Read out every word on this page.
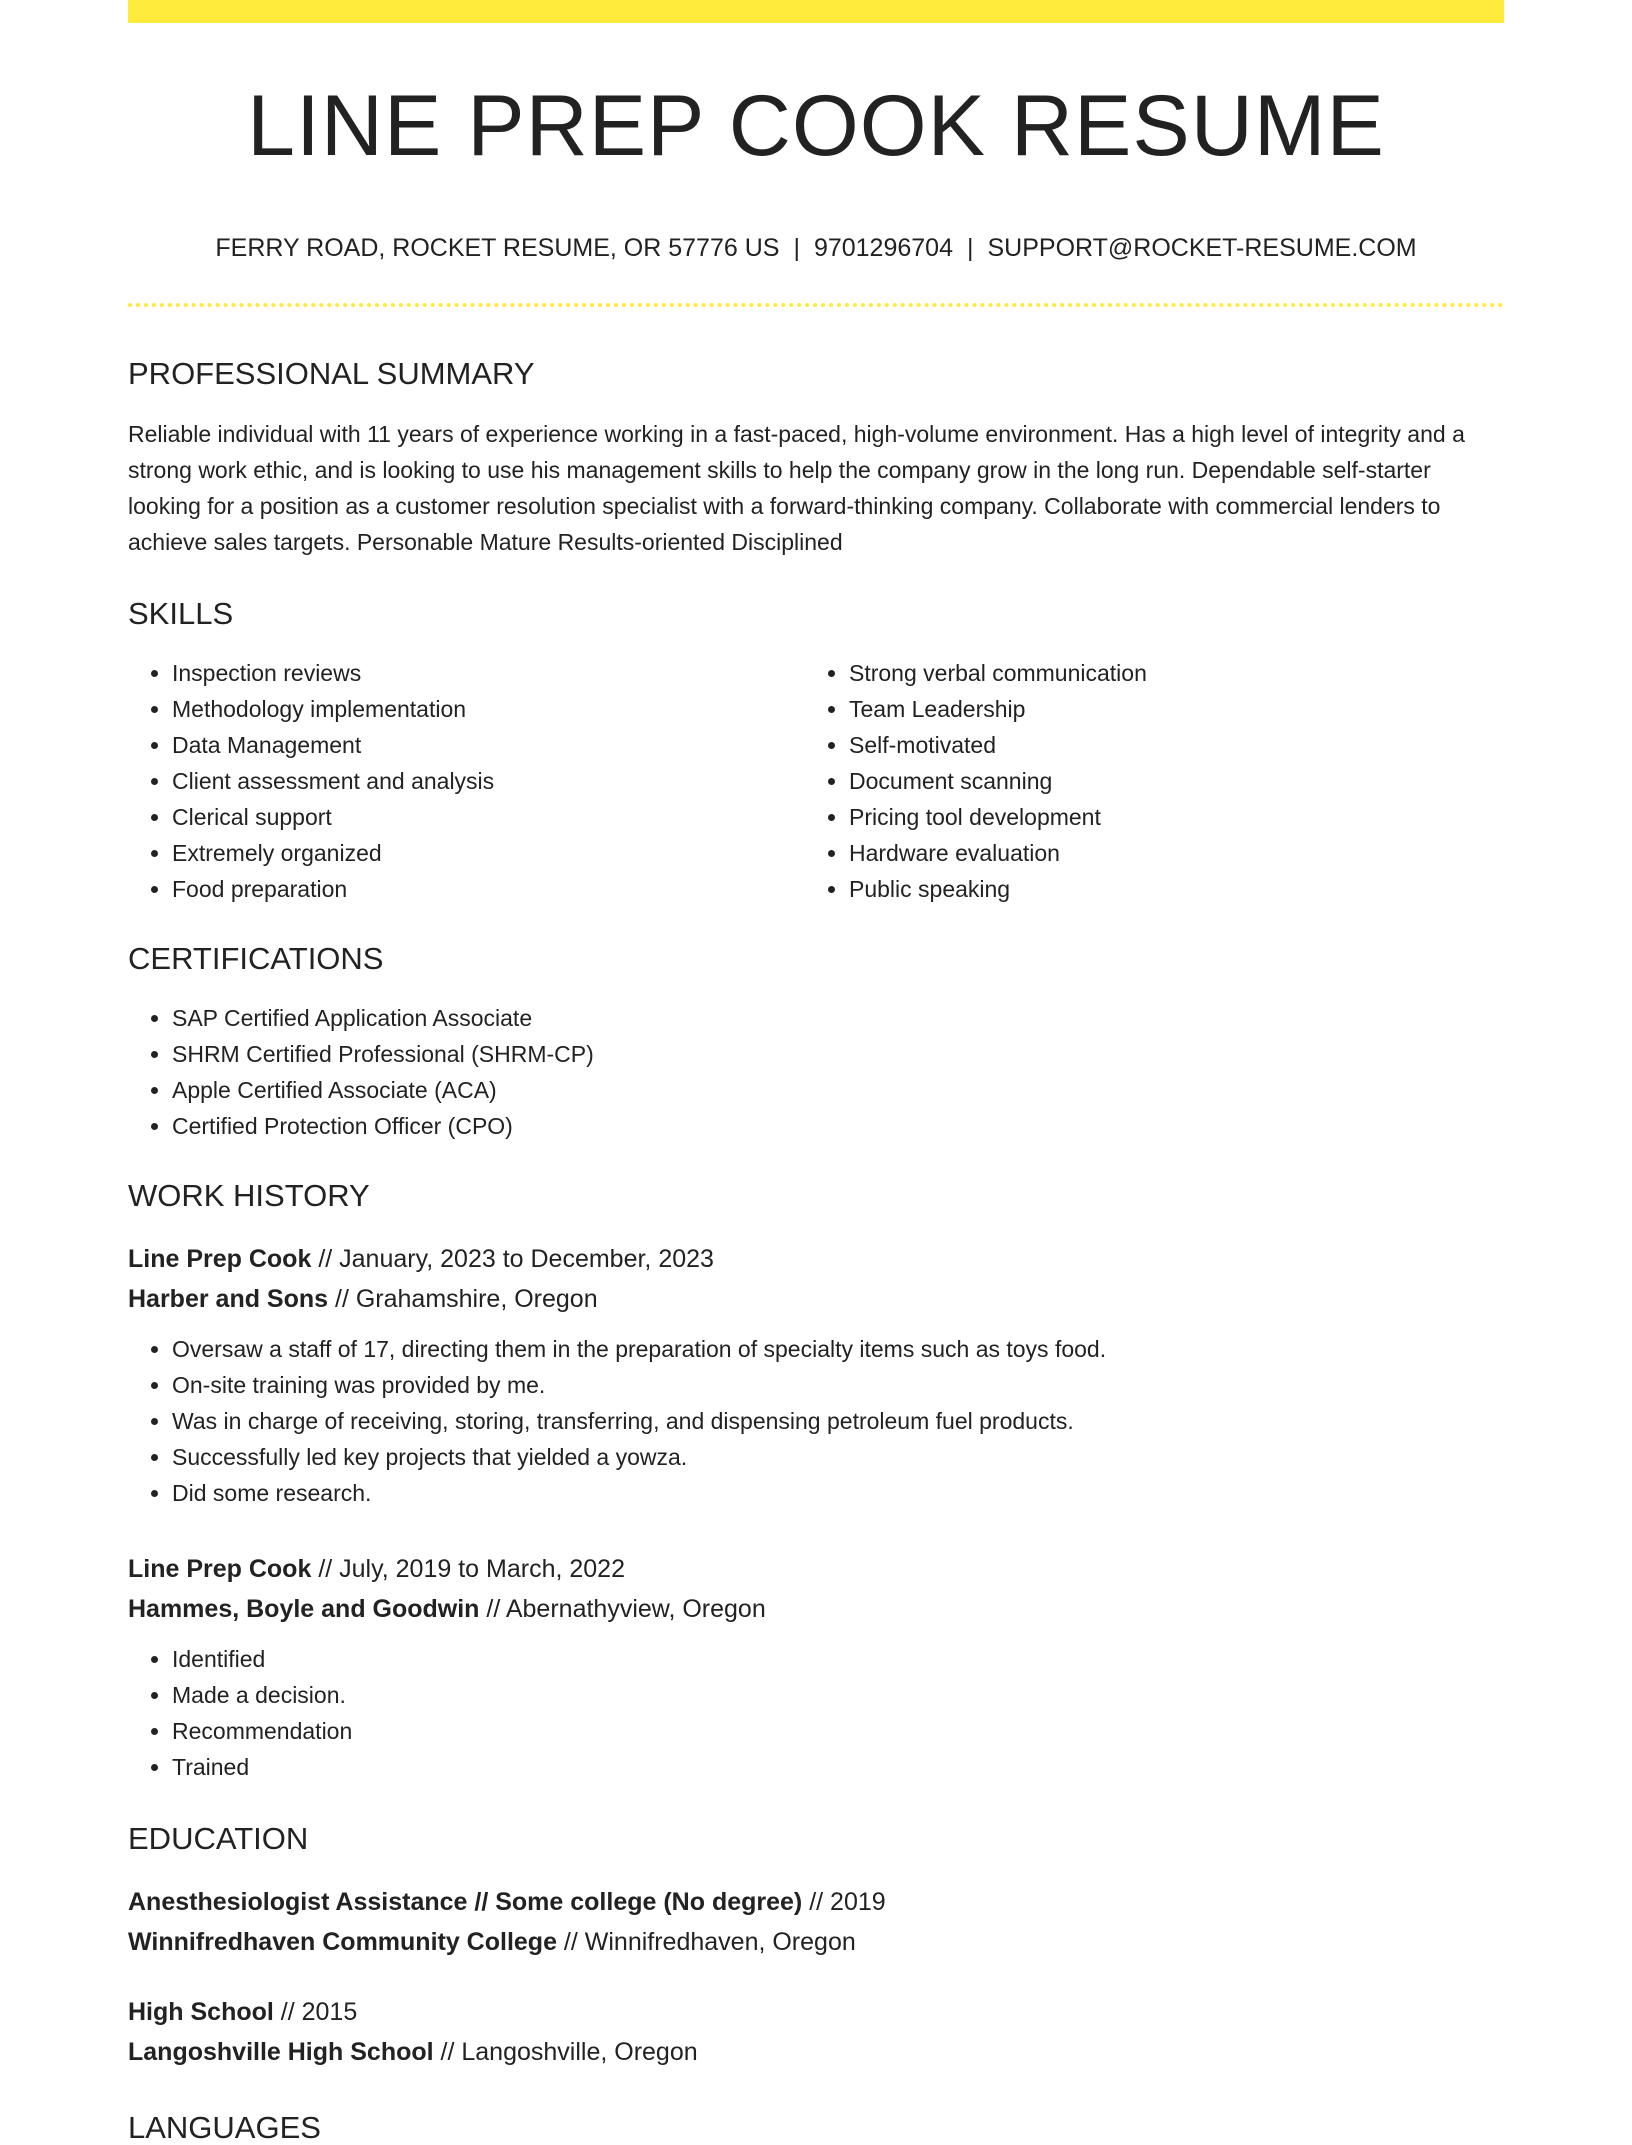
LINE PREP COOK RESUME
FERRY ROAD, ROCKET RESUME, OR 57776 US | 9701296704 | SUPPORT@ROCKET-RESUME.COM
PROFESSIONAL SUMMARY
Reliable individual with 11 years of experience working in a fast-paced, high-volume environment. Has a high level of integrity and a strong work ethic, and is looking to use his management skills to help the company grow in the long run. Dependable self-starter looking for a position as a customer resolution specialist with a forward-thinking company. Collaborate with commercial lenders to achieve sales targets. Personable Mature Results-oriented Disciplined
SKILLS
• Inspection reviews
• Methodology implementation
• Data Management
• Client assessment and analysis
• Clerical support
• Extremely organized
• Food preparation
• Strong verbal communication
• Team Leadership
• Self-motivated
• Document scanning
• Pricing tool development
• Hardware evaluation
• Public speaking
CERTIFICATIONS
• SAP Certified Application Associate
• SHRM Certified Professional (SHRM-CP)
• Apple Certified Associate (ACA)
• Certified Protection Officer (CPO)
WORK HISTORY
Line Prep Cook // January, 2023 to December, 2023
Harber and Sons // Grahamshire, Oregon
• Oversaw a staff of 17, directing them in the preparation of specialty items such as toys food.
• On-site training was provided by me.
• Was in charge of receiving, storing, transferring, and dispensing petroleum fuel products.
• Successfully led key projects that yielded a yowza.
• Did some research.
Line Prep Cook // July, 2019 to March, 2022
Hammes, Boyle and Goodwin // Abernathyview, Oregon
• Identified
• Made a decision.
• Recommendation
• Trained
EDUCATION
Anesthesiologist Assistance // Some college (No degree) // 2019
Winnifredhaven Community College // Winnifredhaven, Oregon
High School // 2015
Langoshville High School // Langoshville, Oregon
LANGUAGES
